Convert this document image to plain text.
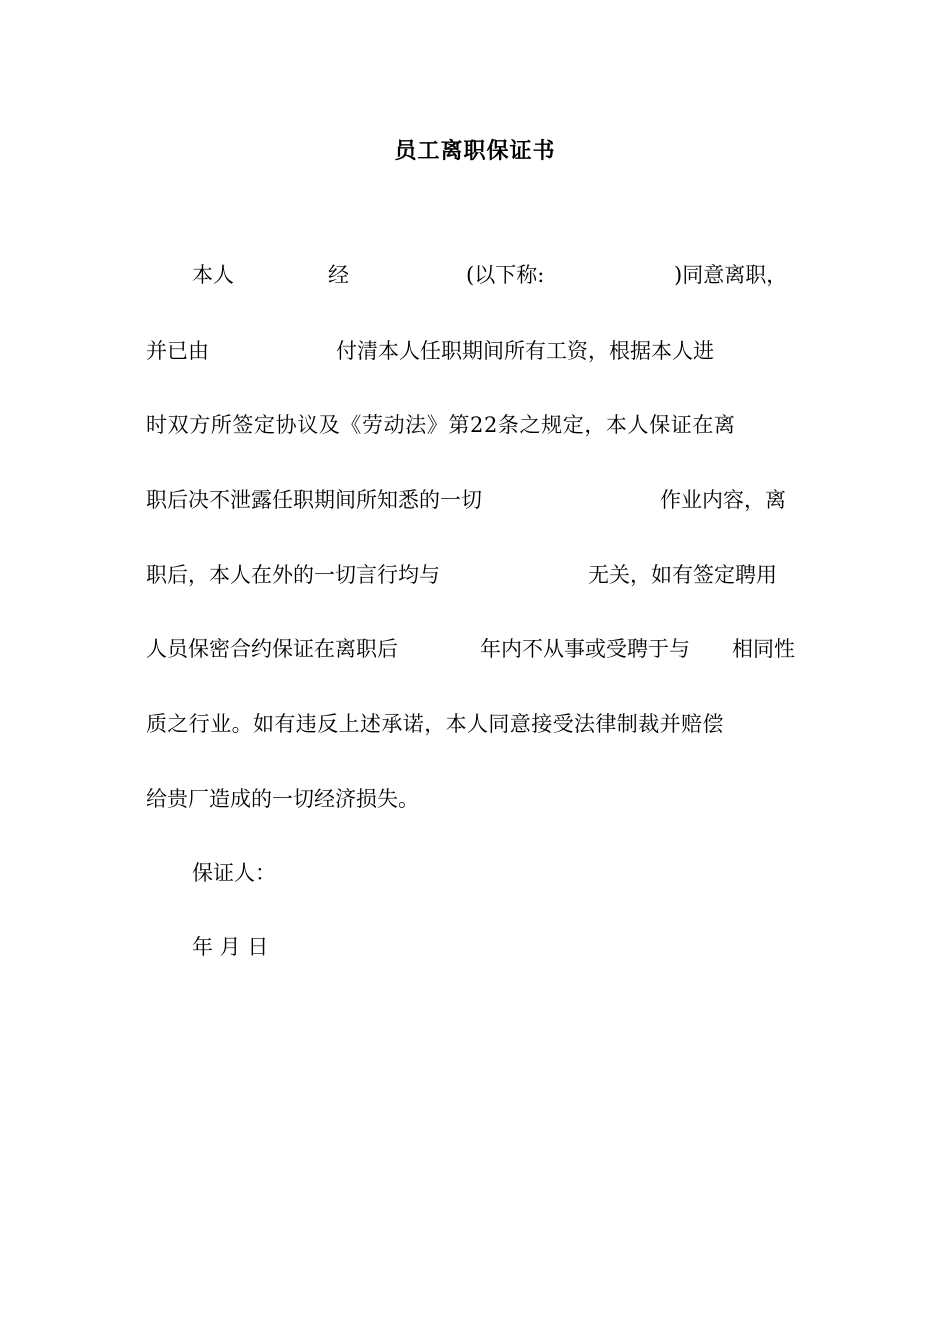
员工离职保证书
本人	经	(以下称:	)同意离职，
并已由	付清本人任职期间所有工资，根据本人进
时双方所签定协议及《劳动法》第22条之规定，本人保证在离
职后决不泄露任职期间所知悉的一切	作业内容，离
职后，本人在外的一切言行均与	无关，如有签定聘用
人员保密合约保证在离职后	年内不从事或受聘于与 相同性
质之行业。如有违反上述承诺，本人同意接受法律制裁并赔偿
给贵厂造成的一切经济损失。
保证人：
年 月 日
